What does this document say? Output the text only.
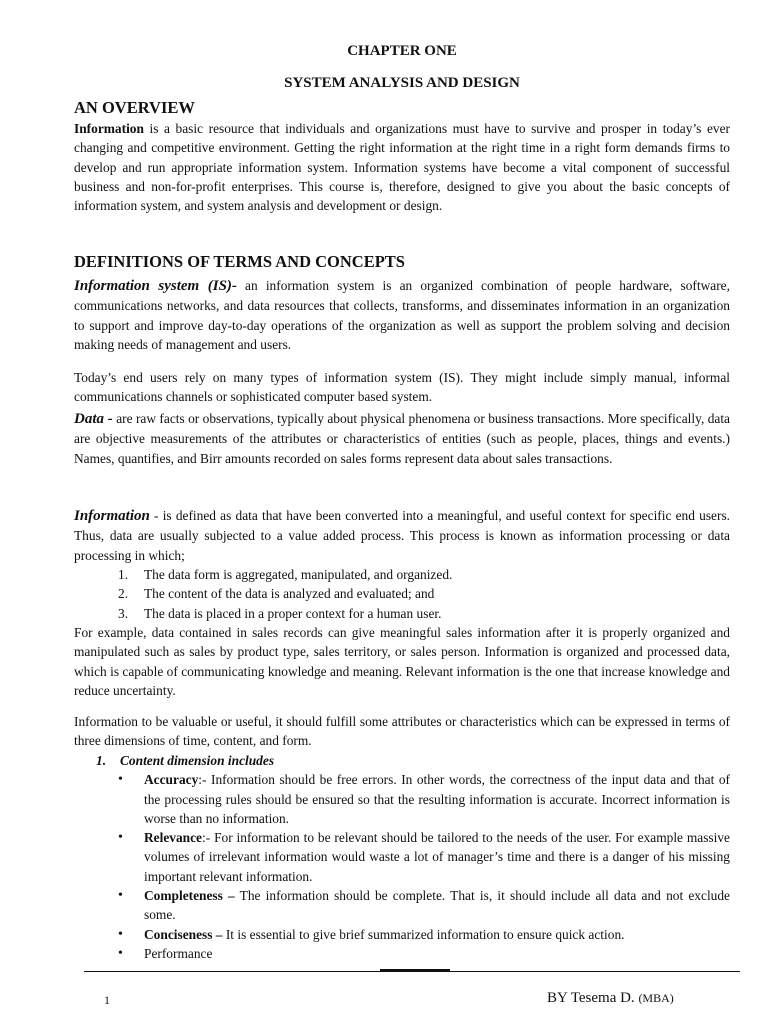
CHAPTER ONE
SYSTEM ANALYSIS AND DESIGN
AN OVERVIEW

Information is a basic resource that individuals and organizations must have to survive and prosper in today’s ever changing and competitive environment. Getting the right information at the right time in a right form demands firms to develop and run appropriate information system. Information systems have become a vital component of successful business and non-for-profit enterprises. This course is, therefore, designed to give you about the basic concepts of information system, and system analysis and development or design.

DEFINITIONS OF TERMS AND CONCEPTS

Information system (IS)- an information system is an organized combination of people hardware, software, communications networks, and data resources that collects, transforms, and disseminates information in an organization to support and improve day-to-day operations of the organization as well as support the problem solving and decision making needs of management and users.

Today’s end users rely on many types of information system (IS). They might include simply manual, informal communications channels or sophisticated computer based system.

Data - are raw facts or observations, typically about physical phenomena or business transactions. More specifically, data are objective measurements of the attributes or characteristics of entities (such as people, places, things and events.) Names, quantifies, and Birr amounts recorded on sales forms represent data about sales transactions.

Information - is defined as data that have been converted into a meaningful, and useful context for specific end users. Thus, data are usually subjected to a value added process. This process is known as information processing or data processing in which;

1. The data form is aggregated, manipulated, and organized.
2. The content of the data is analyzed and evaluated; and
3. The data is placed in a proper context for a human user.

For example, data contained in sales records can give meaningful sales information after it is properly organized and manipulated such as sales by product type, sales territory, or sales person. Information is organized and processed data, which is capable of communicating knowledge and meaning. Relevant information is the one that increase knowledge and reduce uncertainty.

Information to be valuable or useful, it should fulfill some attributes or characteristics which can be expressed in terms of three dimensions of time, content, and form.

1. Content dimension includes
• Accuracy:- Information should be free errors. In other words, the correctness of the input data and that of the processing rules should be ensured so that the resulting information is accurate. Incorrect information is worse than no information.
• Relevance:- For information to be relevant should be tailored to the needs of the user. For example massive volumes of irrelevant information would waste a lot of manager’s time and there is a danger of his missing important relevant information.
• Completeness – The information should be complete. That is, it should include all data and not exclude some.
• Conciseness – It is essential to give brief summarized information to ensure quick action.
• Performance
1	BY Tesema D. (MBA)
